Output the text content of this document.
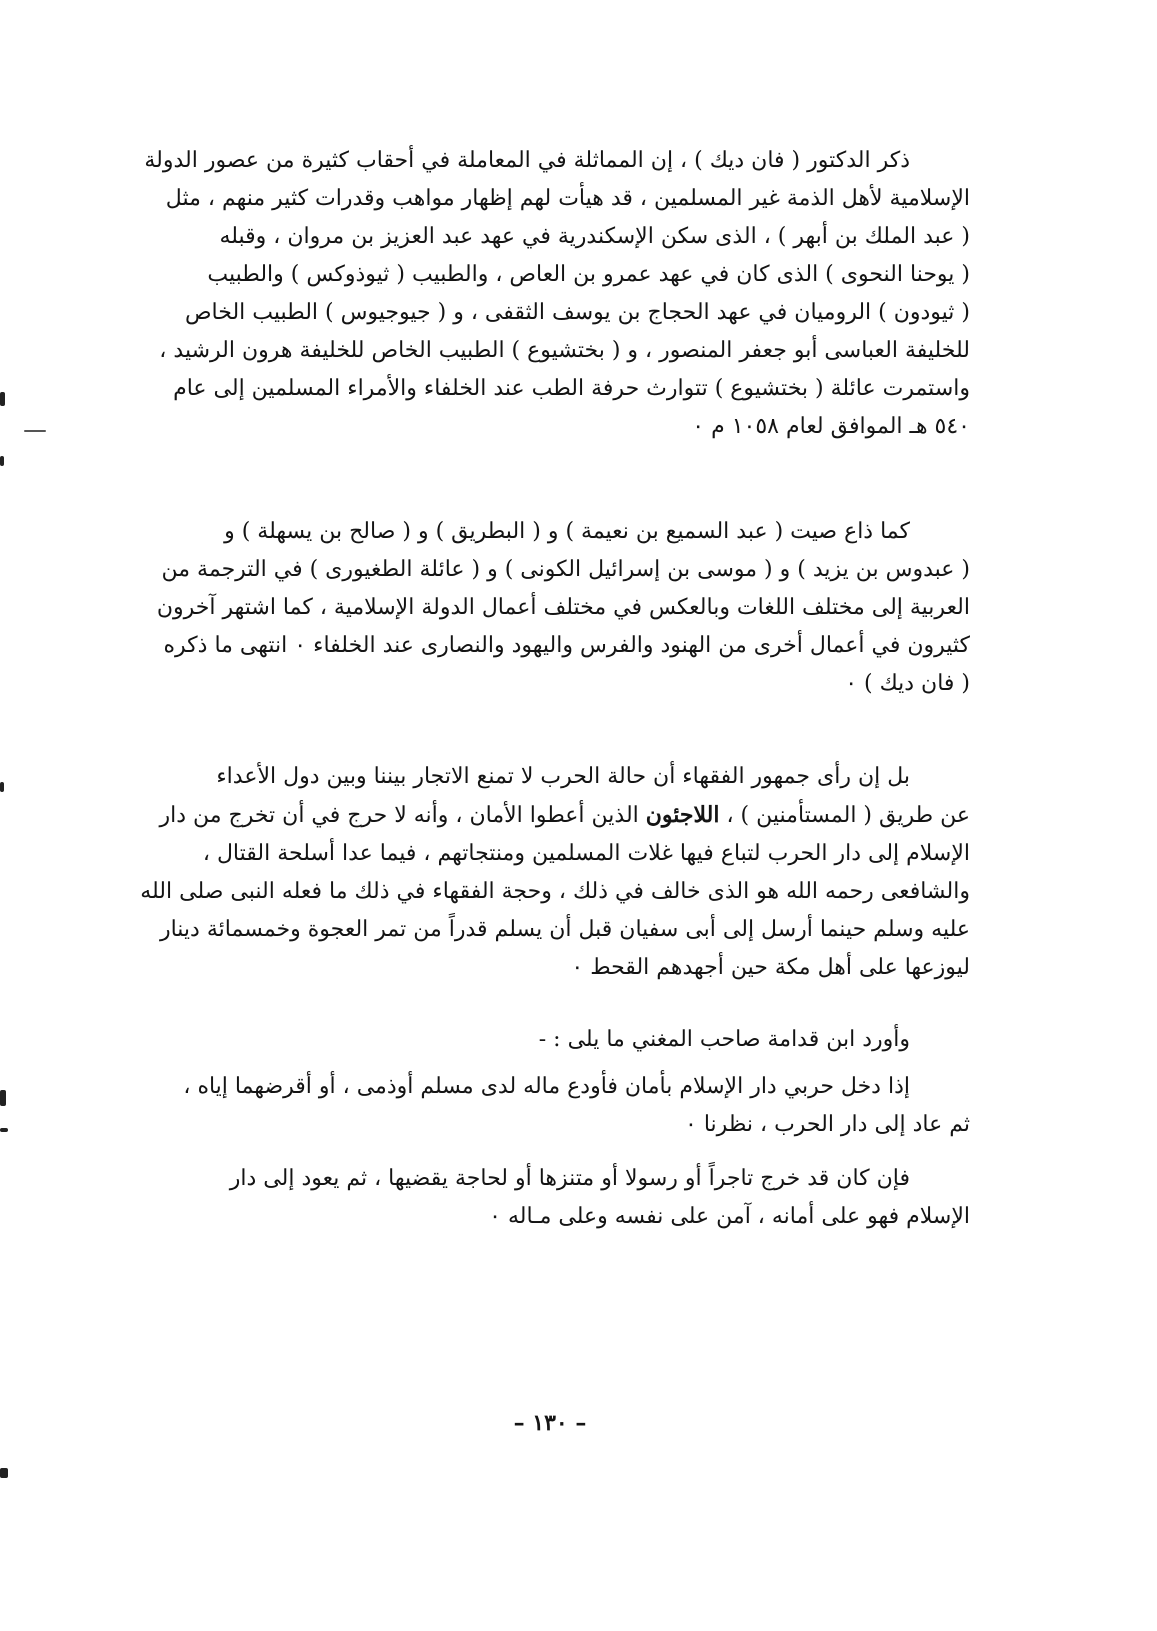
ذكر الدكتور ( فان ديك ) ، إن المماثلة في المعاملة في أحقاب كثيرة من عصور الدولة
الإسلامية لأهل الذمة غير المسلمين ، قد هيأت لهم إظهار مواهب وقدرات كثير منهم ، مثل
( عبد الملك بن أبهر ) ، الذى سكن الإسكندرية في عهد عبد العزيز بن مروان ، وقبله
( يوحنا النحوى ) الذى كان في عهد عمرو بن العاص ، والطبيب ( ثيوذوكس ) والطبيب
( ثيودون ) الروميان في عهد الحجاج بن يوسف الثقفى ، و ( جيوجيوس ) الطبيب الخاص
للخليفة العباسى أبو جعفر المنصور ، و ( بختشيوع ) الطبيب الخاص للخليفة هرون الرشيد ،
واستمرت عائلة ( بختشيوع ) تتوارث حرفة الطب عند الخلفاء والأمراء المسلمين إلى عام
٥٤٠ هـ الموافق لعام ١٠٥٨ م ٠
كما ذاع صيت ( عبد السميع بن نعيمة ) و ( البطريق ) و ( صالح بن يسهلة ) و
( عبدوس بن يزيد ) و ( موسى بن إسرائيل الكونى ) و ( عائلة الطغيورى ) في الترجمة من
العربية إلى مختلف اللغات وبالعكس في مختلف أعمال الدولة الإسلامية ، كما اشتهر آخرون
كثيرون في أعمال أخرى من الهنود والفرس واليهود والنصارى عند الخلفاء ٠ انتهى ما ذكره
( فان ديك ) ٠
بل إن رأى جمهور الفقهاء أن حالة الحرب لا تمنع الاتجار بيننا وبين دول الأعداء
عن طريق ( المستأمنين ) ، اللاجئون الذين أعطوا الأمان ، وأنه لا حرج في أن تخرج من دار
الإسلام إلى دار الحرب لتباع فيها غلات المسلمين ومنتجاتهم ، فيما عدا أسلحة القتال ،
والشافعى رحمه الله هو الذى خالف في ذلك ، وحجة الفقهاء في ذلك ما فعله النبى صلى الله
عليه وسلم حينما أرسل إلى أبى سفيان قبل أن يسلم قدراً من تمر العجوة وخمسمائة دينار
ليوزعها على أهل مكة حين أجهدهم القحط ٠
وأورد ابن قدامة صاحب المغني ما يلى : -
إذا دخل حربي دار الإسلام بأمان فأودع ماله لدى مسلم أوذمى ، أو أقرضهما إياه ،
ثم عاد إلى دار الحرب ، نظرنا ٠
فإن كان قد خرج تاجراً أو رسولا أو متنزها أو لحاجة يقضيها ، ثم يعود إلى دار
الإسلام فهو على أمانه ، آمن على نفسه وعلى مـاله ٠
– ١٣٠ –
